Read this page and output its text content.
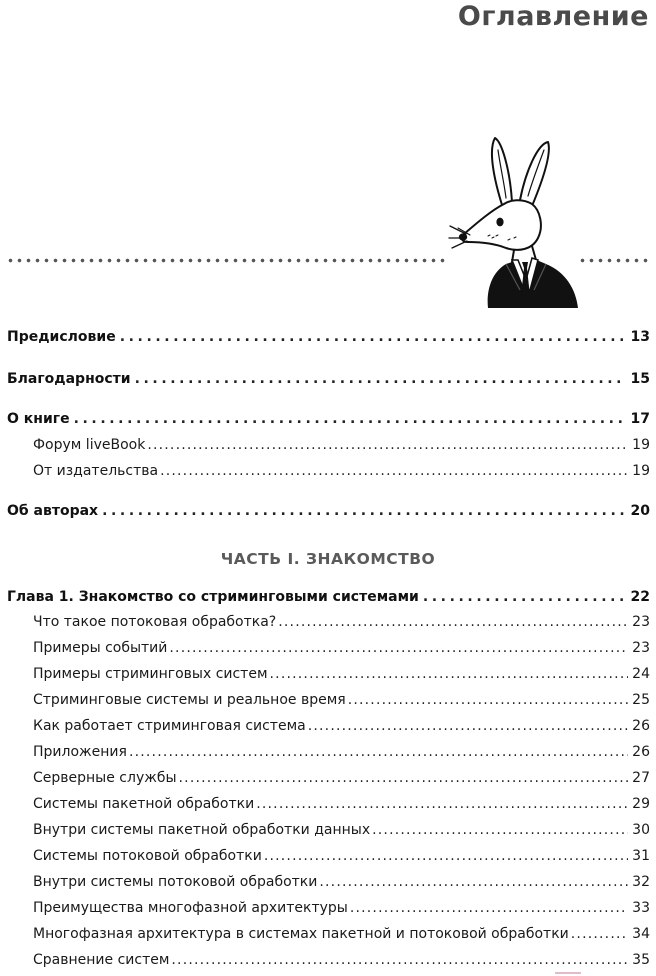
Оглавление
Предисловие .....	13
Благодарности .....	15
О книге .....	17
Форум liveBook .....	19
От издательства .....	19
Об авторах .....	20
ЧАСТЬ I. ЗНАКОМСТВО
Глава 1. Знакомство со стриминговыми системами .....	22
Что такое потоковая обработка? .....	23
Примеры событий .....	23
Примеры стриминговых систем .....	24
Стриминговые системы и реальное время .....	25
Как работает стриминговая система .....	26
Приложения .....	26
Серверные службы .....	27
Системы пакетной обработки .....	29
Внутри системы пакетной обработки данных .....	30
Системы потоковой обработки .....	31
Внутри системы потоковой обработки .....	32
Преимущества многофазной архитектуры .....	33
Многофазная архитектура в системах пакетной и потоковой обработки .....	34
Сравнение систем .....	35
